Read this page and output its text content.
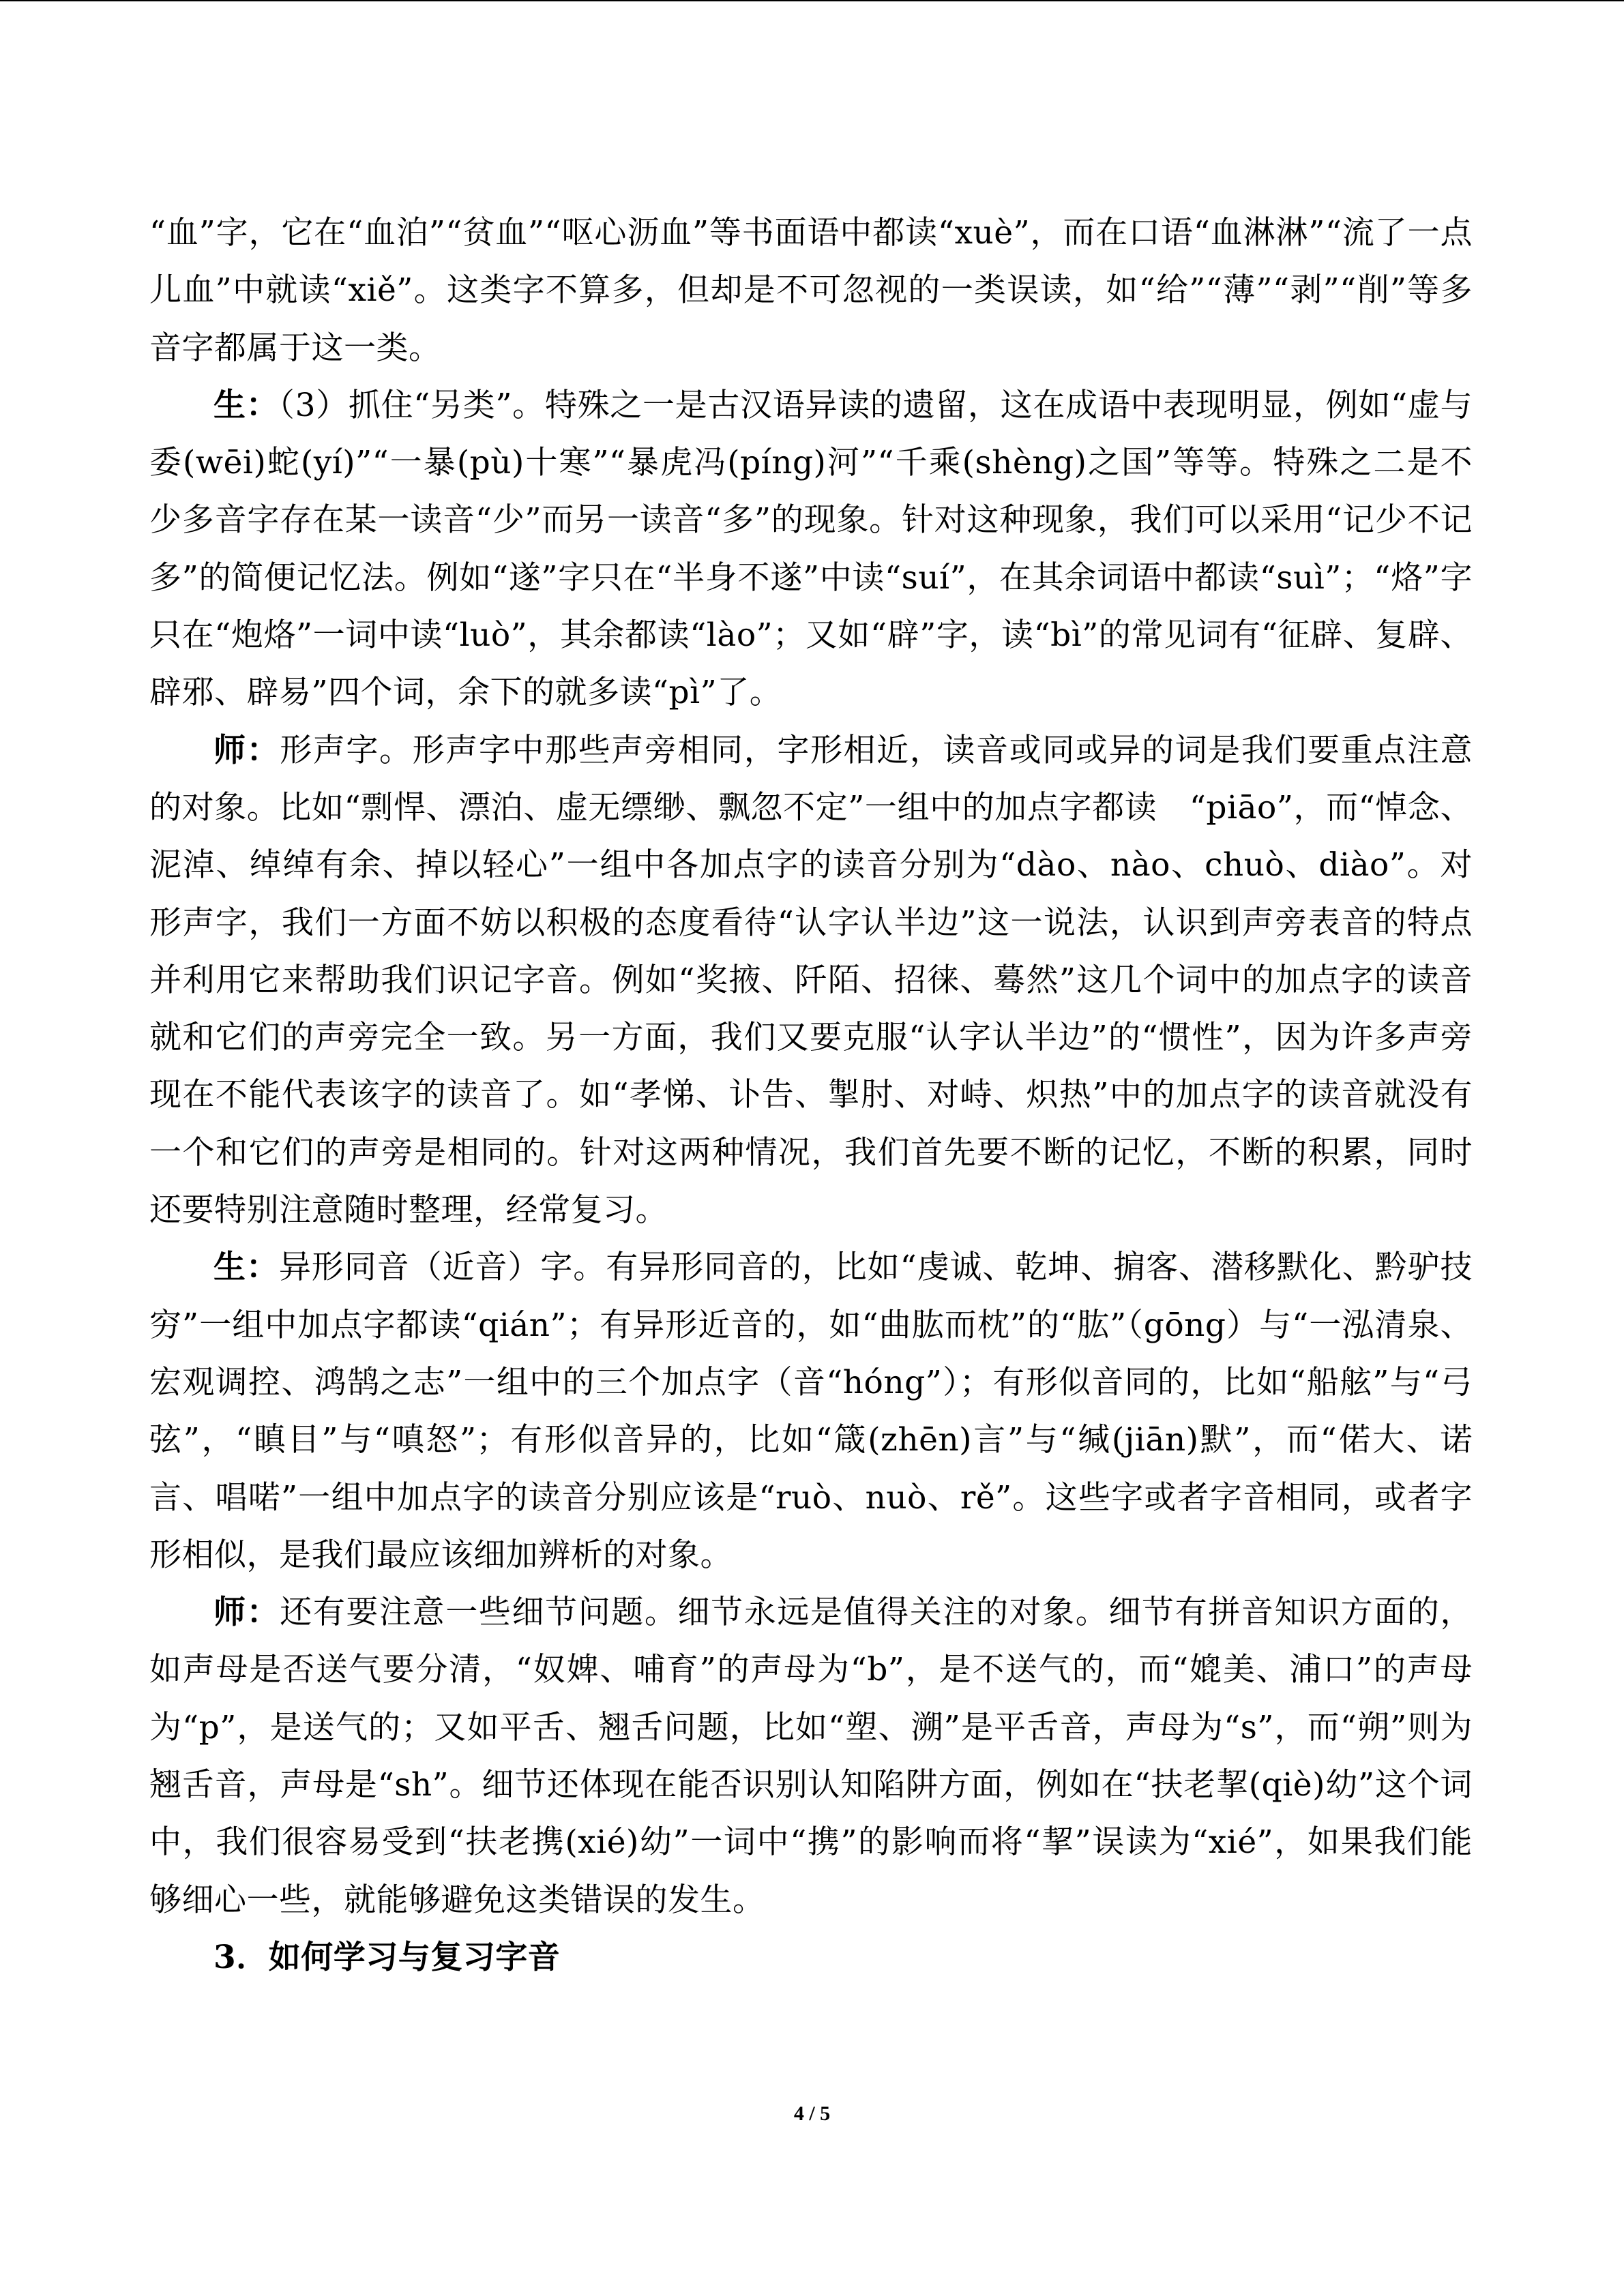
“血”字，它在“血泊”“贫血”“呕心沥血”等书面语中都读“xuè”，而在口语“血淋淋”“流了一点儿血”中就读“xiě”。这类字不算多，但却是不可忽视的一类误读，如“给”“薄”“剥”“削”等多音字都属于这一类。

生：（3）抓住“另类”。特殊之一是古汉语异读的遗留，这在成语中表现明显，例如“虚与委(wēi)蛇(yí)”“一暴(pù)十寒”“暴虎冯(píng)河”“千乘(shèng)之国”等等。特殊之二是不少多音字存在某一读音“少”而另一读音“多”的现象。针对这种现象，我们可以采用“记少不记多”的简便记忆法。例如“遂”字只在“半身不遂”中读“suí”，在其余词语中都读“suì”；“烙”字只在“炮烙”一词中读“luò”，其余都读“lào”；又如“辟”字，读“bì”的常见词有“征辟、复辟、辟邪、辟易”四个词，余下的就多读“pì”了。

师：形声字。形声字中那些声旁相同，字形相近，读音或同或异的词是我们要重点注意的对象。比如“剽悍、漂泊、虚无缥缈、飘忽不定”一组中的加点字都读　“piāo”，而“悼念、泥淖、绰绰有余、掉以轻心”一组中各加点字的读音分别为“dào、nào、chuò、diào”。对形声字，我们一方面不妨以积极的态度看待“认字认半边”这一说法，认识到声旁表音的特点并利用它来帮助我们识记字音。例如“奖掖、阡陌、招徕、蓦然”这几个词中的加点字的读音就和它们的声旁完全一致。另一方面，我们又要克服“认字认半边”的“惯性”，因为许多声旁现在不能代表该字的读音了。如“孝悌、讣告、掣肘、对峙、炽热”中的加点字的读音就没有一个和它们的声旁是相同的。针对这两种情况，我们首先要不断的记忆，不断的积累，同时还要特别注意随时整理，经常复习。

生：异形同音（近音）字。有异形同音的，比如“虔诚、乾坤、掮客、潜移默化、黔驴技穷”一组中加点字都读“qián”；有异形近音的，如“曲肱而枕”的“肱”（gōng）与“一泓清泉、宏观调控、鸿鹄之志”一组中的三个加点字（音“hóng”）；有形似音同的，比如“船舷”与“弓弦”，“瞋目”与“嗔怒”；有形似音异的，比如“箴(zhēn)言”与“缄(jiān)默”，而“偌大、诺言、唱喏”一组中加点字的读音分别应该是“ruò、nuò、rě”。这些字或者字音相同，或者字形相似，是我们最应该细加辨析的对象。

师：还有要注意一些细节问题。细节永远是值得关注的对象。细节有拼音知识方面的，如声母是否送气要分清，“奴婢、哺育”的声母为“b”，是不送气的，而“媲美、浦口”的声母为“p”，是送气的；又如平舌、翘舌问题，比如“塑、溯”是平舌音，声母为“s”，而“朔”则为翘舌音，声母是“sh”。细节还体现在能否识别认知陷阱方面，例如在“扶老挈(qiè)幼”这个词中，我们很容易受到“扶老携(xié)幼”一词中“携”的影响而将“挈”误读为“xié”，如果我们能够细心一些，就能够避免这类错误的发生。

3．如何学习与复习字音

4 / 5
